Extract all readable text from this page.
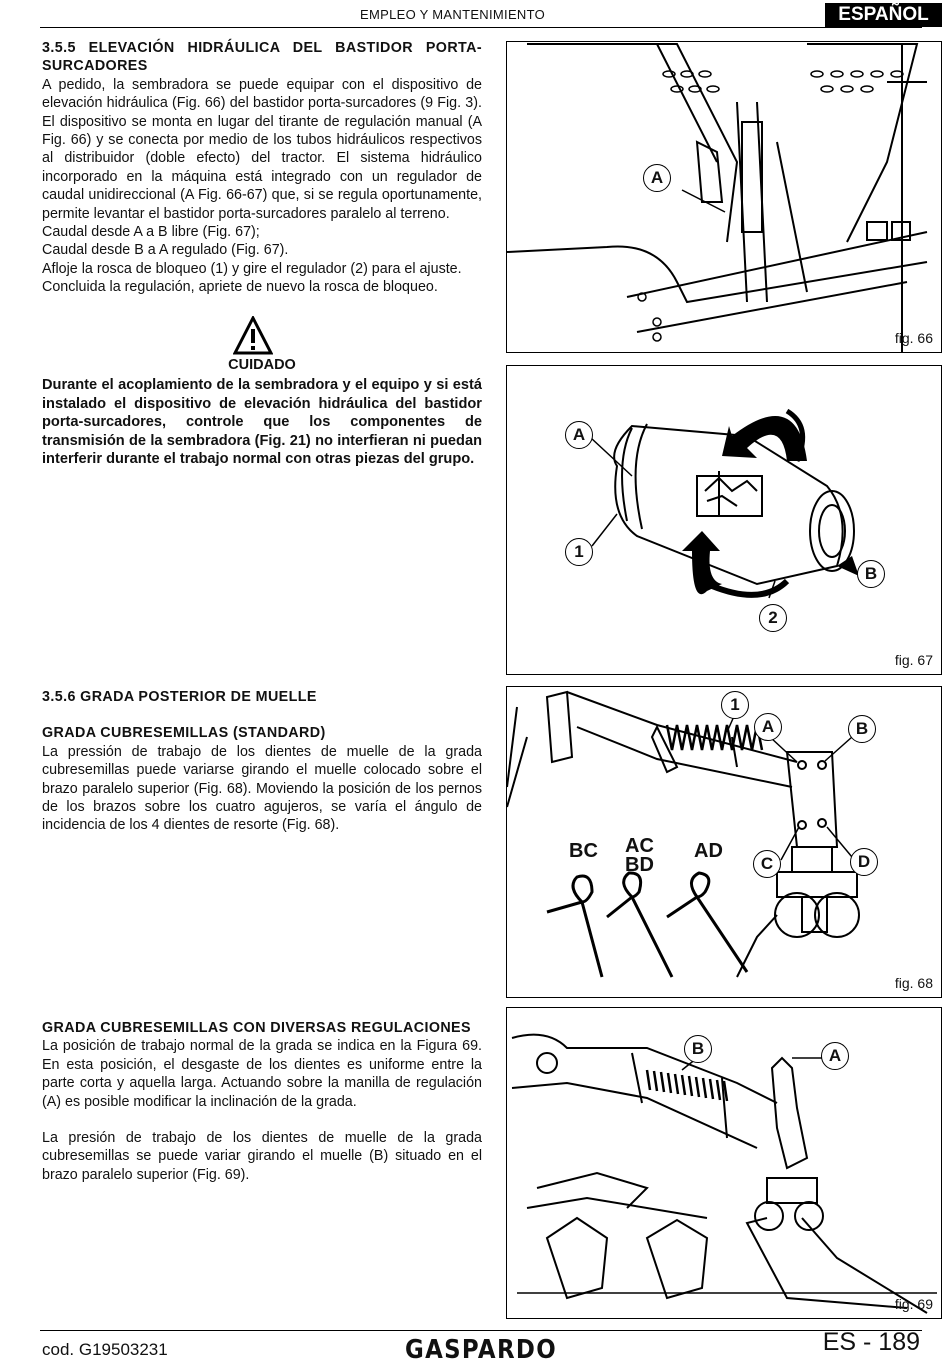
EMPLEO Y MANTENIMIENTO	ESPAÑOL

3.5.5 ELEVACIÓN HIDRÁULICA DEL BASTIDOR PORTA-SURCADORES

A pedido, la sembradora se puede equipar con el dispositivo de elevación hidráulica (Fig. 66) del bastidor porta-surcadores (9 Fig. 3). El dispositivo se monta en lugar del tirante de regulación manual (A Fig. 66) y se conecta por medio de los tubos hidráulicos respectivos al distribuidor (doble efecto) del tractor. El sistema hidráulico incorporado en la máquina está integrado con un regulador de caudal unidireccional (A Fig. 66-67) que, si se regula oportunamente, permite levantar el bastidor porta-surcadores paralelo al terreno.

Caudal desde A a B libre (Fig. 67);

Caudal desde B a A regulado (Fig. 67).

Afloje la rosca de bloqueo (1) y gire el regulador (2) para el ajuste. Concluida la regulación, apriete de nuevo la rosca de bloqueo.

CUIDADO
Durante el acoplamiento de la sembradora y el equipo y si está instalado el dispositivo de elevación hidráulica del bastidor porta-surcadores, controle que los componentes de transmisión de la sembradora (Fig. 21) no interfieran ni puedan interferir durante el trabajo normal con otras piezas del grupo.

3.5.6 GRADA POSTERIOR DE MUELLE

GRADA CUBRESEMILLAS (STANDARD)

La pressión de trabajo de los dientes de muelle de la grada cubresemillas puede variarse girando el muelle colocado sobre el brazo paralelo superior (Fig. 68). Moviendo la posición de los pernos de los brazos sobre los cuatro agujeros, se varía el ángulo de incidencia de los 4 dientes de resorte (Fig. 68).

GRADA CUBRESEMILLAS CON DIVERSAS REGULACIONES

La posición de trabajo normal de la grada se indica en la Figura 69. En esta posición, el desgaste de los dientes es uniforme entre la parte corta y aquella larga. Actuando sobre la manilla de regulación (A) es posible modificar la inclinación de la grada.

La presión de trabajo de los dientes de muelle de la grada cubresemillas se puede variar girando el muelle (B) situado en el brazo paralelo superior (Fig. 69).

A
fig. 66
A
1
2
B
fig. 67
1
A	B
C	D
BC AC
BD
AD
fig. 68
B	A
fig. 69
cod. G19503231	GASPARDO	ES - 189
